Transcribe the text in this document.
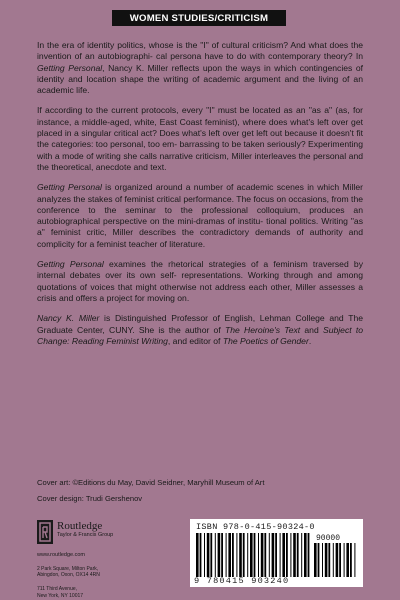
WOMEN STUDIES/CRITICISM

In the era of identity politics, whose is the "I" of cultural criticism? And what does the invention of an autobiographi- cal persona have to do with contemporary theory? In Getting Personal, Nancy K. Miller reflects upon the ways in which contingencies of identity and location shape the writing of academic argument and the living of an academic life.

If according to the current protocols, every "I" must be located as an "as a" (as, for instance, a middle-aged, white, East Coast feminist), where does what's left over get placed in a singular critical act? Does what's left over get left out because it doesn't fit the categories: too personal, too em- barrassing to be taken seriously? Experimenting with a mode of writing she calls narrative criticism, Miller interleaves the personal and the theoretical, anecdote and text.

Getting Personal is organized around a number of academic scenes in which Miller analyzes the stakes of feminist critical performance. The focus on occasions, from the conference to the seminar to the professional colloquium, produces an autobiographical perspective on the mini-dramas of institu- tional politics. Writing "as a" feminist critic, Miller describes the contradictory demands of authority and complicity for a feminist teacher of literature.

Getting Personal examines the rhetorical strategies of a feminism traversed by internal debates over its own self- representations. Working through and among quotations of voices that might otherwise not address each other, Miller assesses a crisis and offers a project for moving on.

Nancy K. Miller is Distinguished Professor of English, Lehman College and The Graduate Center, CUNY. She is the author of The Heroine's Text and Subject to Change: Reading Feminist Writing, and editor of The Poetics of Gender.

Cover art: ©Editions du May, David Seidner, Maryhill Museum of Art

Cover design: Trudi Gershenov

Routledge
Taylor & Francis Group
www.routledge.com
2 Park Square, Milton Park,
Abingdon, Oxon, OX14 4RN
711 Third Avenue,
New York, NY 10017
ISBN 978-0-415-90324-0
90000
9 780415 903240
